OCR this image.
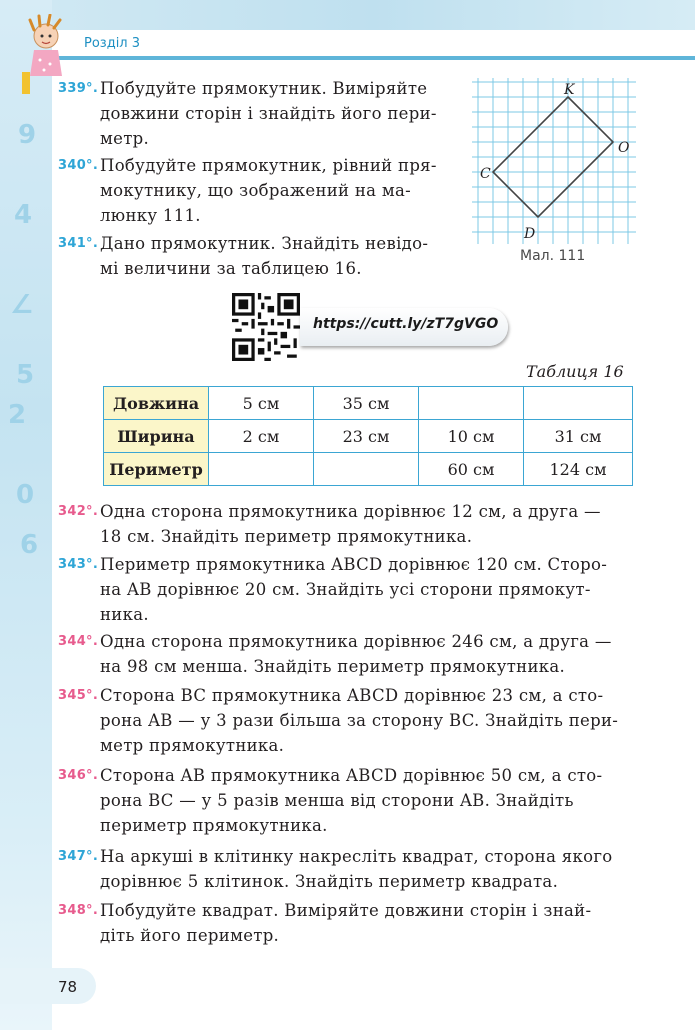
9
4
∠
5
2
0
6
Розділ 3
339°. Побудуйте прямокутник. Виміряйте
довжини сторін і знайдіть його пери-
метр.
340°. Побудуйте прямокутник, рівний пря-
мокутнику, що зображений на ма-
люнку 111.
341°. Дано прямокутник. Знайдіть невідо-
мі величини за таблицею 16.
K
O
C
D
Мал. 111
https://cutt.ly/zT7gVGO
Таблиця 16
Довжина	5 см	35 см		
Ширина	2 см	23 см	10 см	31 см
Периметр			60 см	124 см
342°. Одна сторона прямокутника дорівнює 12 см, а друга —
18 см. Знайдіть периметр прямокутника.
343°. Периметр прямокутника ABCD дорівнює 120 см. Сторо-
на AB дорівнює 20 см. Знайдіть усі сторони прямокут-
ника.
344°. Одна сторона прямокутника дорівнює 246 см, а друга —
на 98 см менша. Знайдіть периметр прямокутника.
345°. Сторона BC прямокутника ABCD дорівнює 23 см, а сто-
рона AB — у 3 рази більша за сторону BC. Знайдіть пери-
метр прямокутника.
346°. Сторона AB прямокутника ABCD дорівнює 50 см, а сто-
рона BC — у 5 разів менша від сторони AB. Знайдіть
периметр прямокутника.
347°. На аркуші в клітинку накресліть квадрат, сторона якого
дорівнює 5 клітинок. Знайдіть периметр квадрата.
348°. Побудуйте квадрат. Виміряйте довжини сторін і знай-
діть його периметр.
78
